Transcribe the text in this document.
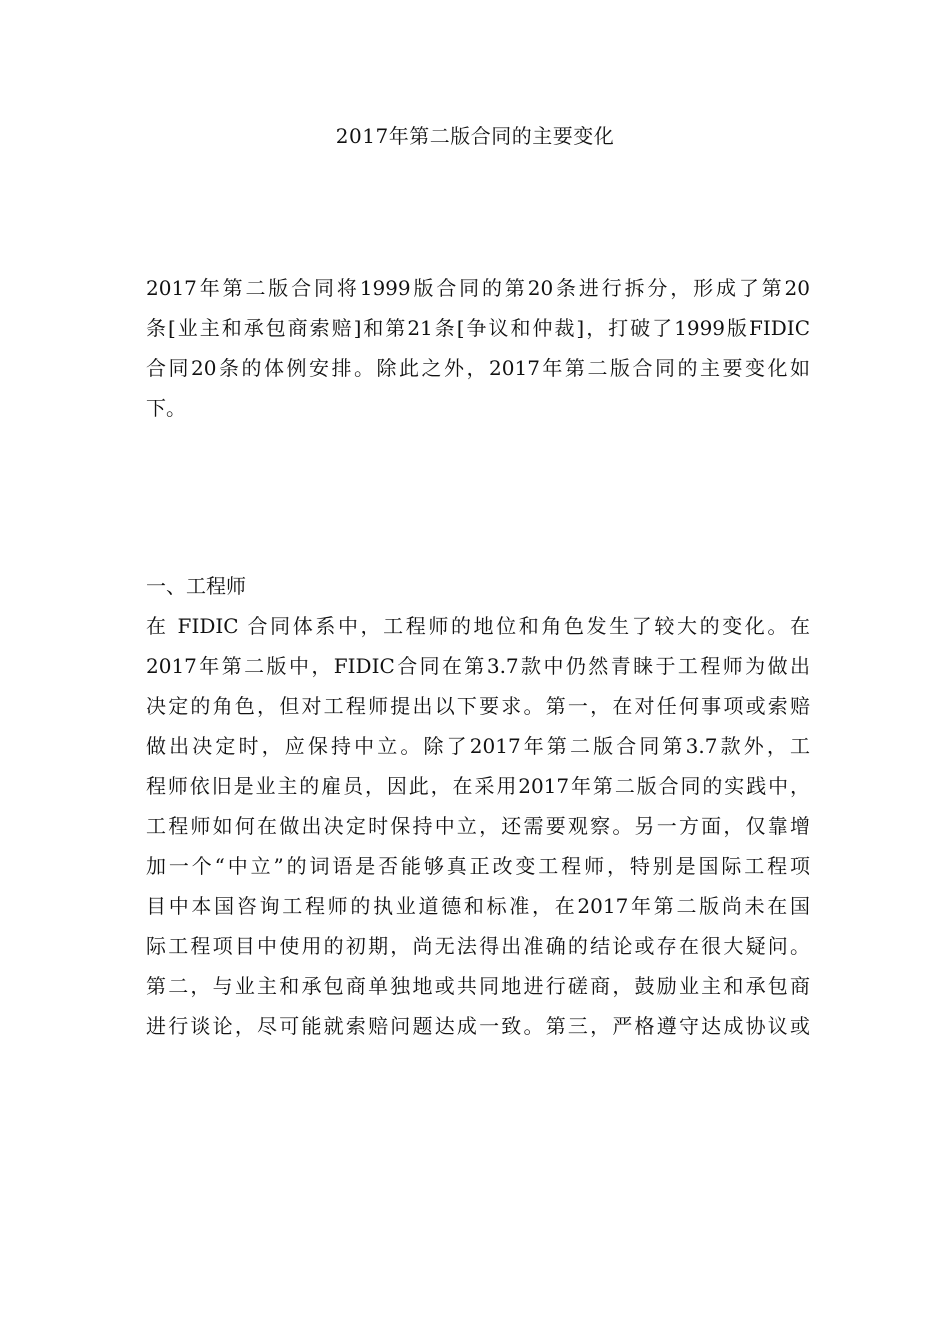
2017年第二版合同的主要变化
2017年第二版合同将1999版合同的第20条进行拆分，形成了第20
条[业主和承包商索赔]和第21条[争议和仲裁]，打破了1999版FIDIC
合同20条的体例安排。除此之外，2017年第二版合同的主要变化如
下。
一、工程师
在 FIDIC 合同体系中，工程师的地位和角色发生了较大的变化。在
2017年第二版中，FIDIC合同在第3.7款中仍然青睐于工程师为做出
决定的角色，但对工程师提出以下要求。第一，在对任何事项或索赔
做出决定时，应保持中立。除了2017年第二版合同第3.7款外，工
程师依旧是业主的雇员，因此，在采用2017年第二版合同的实践中，
工程师如何在做出决定时保持中立，还需要观察。另一方面，仅靠增
加一个“中立”的词语是否能够真正改变工程师，特别是国际工程项
目中本国咨询工程师的执业道德和标准，在2017年第二版尚未在国
际工程项目中使用的初期，尚无法得出准确的结论或存在很大疑问。
第二，与业主和承包商单独地或共同地进行磋商，鼓励业主和承包商
进行谈论，尽可能就索赔问题达成一致。第三，严格遵守达成协议或
